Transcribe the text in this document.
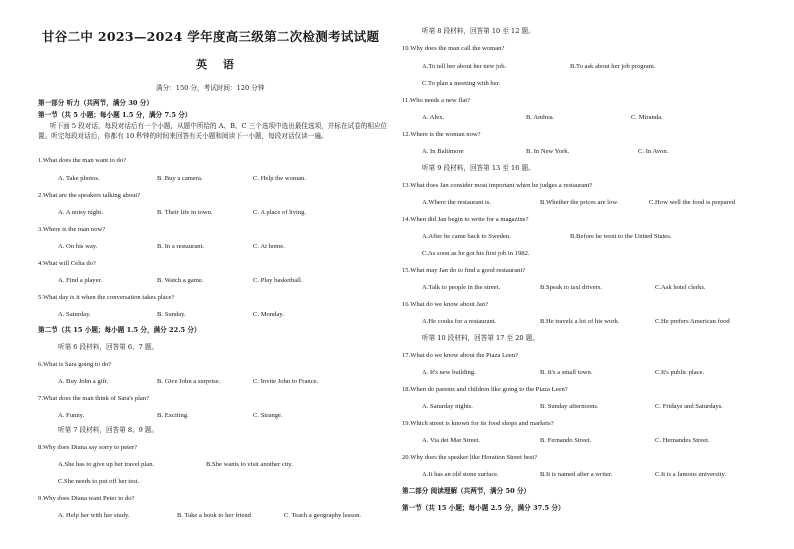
甘谷二中 2023—2024 学年度高三级第二次检测考试试题
英 语
满分：150 分，考试时间：120 分钟
第一部分 听力（共两节，满分 30 分）
第一节（共 5 小题；每小题 1.5 分，满分 7.5 分）
听下面 5 段对话，每段对话后有一个小题，从题中所给的 A、B、C 三个选项中选出最佳选项，并标在试卷的相应位置。听完每段对话后，你都有 10 秒钟的时间来回答有关小题和阅读下一小题，每段对话仅读一遍。
1.What does the man want to do?
A. Take photos.	B. Buy a camera.	C. Help the woman.
2.What are the speakers talking about?
A. A noisy night.	B. Their life in town.	C. A place of living.
3.Where is the man now?
A. On his way.	B. In a restaurant.	C. At home.
4.What will Celia do?
A. Find a player.	B. Watch a game.	C. Play basketball.
5.What day is it when the conversation takes place?
A. Saturday.	B. Sunday.	C. Monday.
第二节（共 15 小题；每小题 1.5 分，满分 22.5 分）
听第 6 段材料，回答第 6、7 题。
6.What is Sara going to do?
A. Buy John a gift.	B. Give John a surprise.	C. Invite John to France.
7.What does the man think of Sara's plan?
A. Funny.	B. Exciting.	C. Strange.
听第 7 段材料，回答第 8、9 题。
8.Why does Diana say sorry to peter?
A.She has to give up her travel plan.	B.She wants to visit another city.
C.She needs to put off her test.
9.Why does Diana want Peter to do?
A. Help her with her study.	B. Take a book to her friend	C. Teach a geography lesson.
听第 8 段材料，回答第 10 至 12 题。
10.Why does the man call the woman?
A.To tell her about her new job.	B.To ask about her job program.
C.To plan a meeting with her.
11.Who needs a new flat?
A. Alex.	B. Andrea.	C. Miranda.
12.Where is the woman now?
A. In Baltimore	B. In New York.	C. In Avon.
听第 9 段材料，回答第 13 至 16 题。
13.What does Jan consider most important when he judges a restaurant?
A.Where the restaurant is.	B.Whether the prices are low.	C.How well the food is prepared
14.When did Jan begin to write for a magazine?
A.After he came back to Sweden.	B.Before he went to the United States.
C.As soon as he got his first job in 1982.
15.What may Jan do to find a good restaurant?
A.Talk to people in the street.	B.Speak to taxi drivers.	C.Ask hotel clerks.
16.What do we know about Jan?
A.He cooks for a restaurant.	B.He travels a lot of his work.	C.He prefers American food
听第 10 段材料，回答第 17 至 20 题。
17.What do we know about the Piaza Leen?
A. It's new building.	B. It's a small town.	C.It's public place.
18.When do parents and children like going to the Piaza Leen?
A. Saturday nights.	B. Sunday afternoons.	C. Fridays and Saturdays.
19.Which street is known for its food shops and markets?
A. Via dei Mar Street.	B. Fernando Street.	C. Hernandes Street.
20.Why does the speaker like Horation Street best?
A.It has an old stone surface.	B.It is named after a writer.	C.It is a famous university.
第二部分 阅读理解（共两节，满分 50 分）
第一节（共 15 小题；每小题 2.5 分，满分 37.5 分）
